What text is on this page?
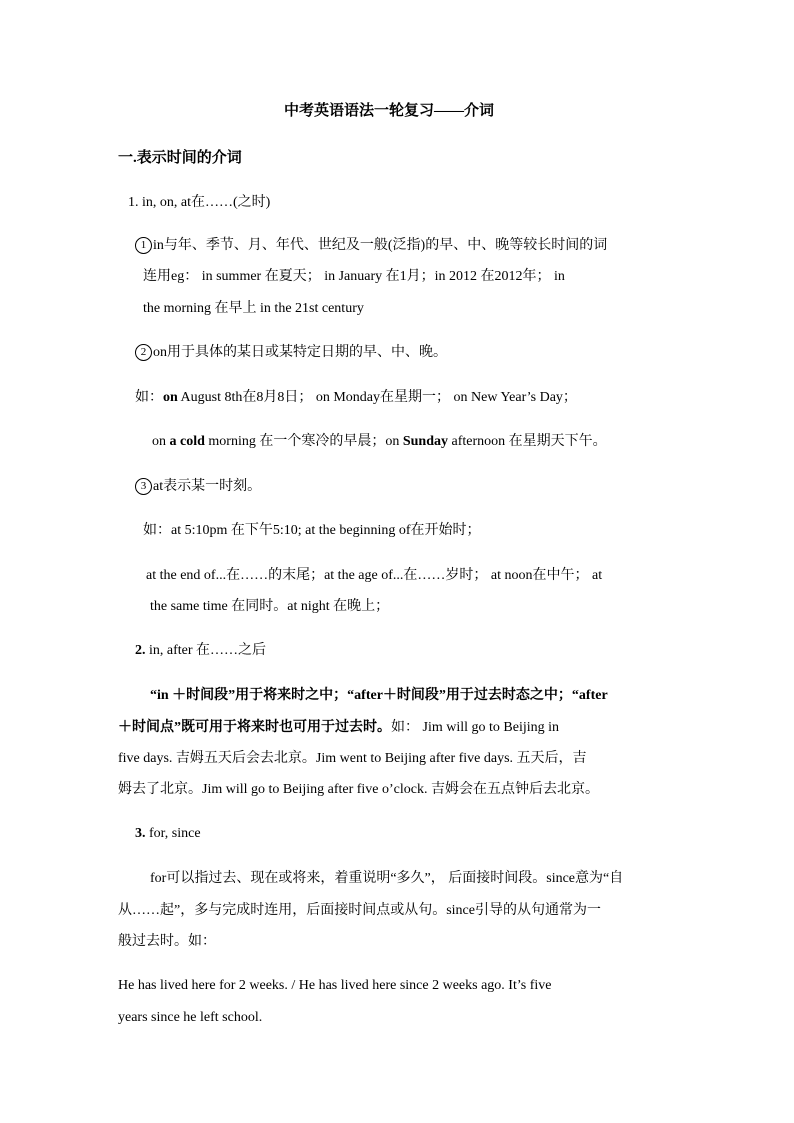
中考英语语法一轮复习——介词
一.表示时间的介词
1. in, on, at在……(之时)
1 in与年、季节、月、年代、世纪及一般(泛指)的早、中、晚等较长时间的词
连用eg： in summer 在夏天； in January 在1月；in 2012 在2012年； in
the morning 在早上 in the 21st century
2 on用于具体的某日或某特定日期的早、中、晚。
如：on August 8th在8月8日； on Monday在星期一； on New Year’s Day；
on a cold morning 在一个寒冷的早晨；on Sunday afternoon 在星期天下午。
3 at表示某一时刻。
如：at 5:10pm 在下午5:10; at the beginning of在开始时；
at the end of...在……的末尾；at the age of...在……岁时； at noon在中午； at
the same time 在同时。at night 在晚上；
2. in, after 在……之后
“in ＋时间段”用于将来时之中；“after＋时间段”用于过去时态之中；“after
＋时间点”既可用于将来时也可用于过去时。如： Jim will go to Beijing in
five days. 吉姆五天后会去北京。Jim went to Beijing after five days. 五天后，吉
姆去了北京。Jim will go to Beijing after five o’clock. 吉姆会在五点钟后去北京。
3. for, since
for可以指过去、现在或将来，着重说明“多久”， 后面接时间段。since意为“自
从……起”，多与完成时连用，后面接时间点或从句。since引导的从句通常为一
般过去时。如：
He has lived here for 2 weeks. / He has lived here since 2 weeks ago. It’s five
years since he left school.
